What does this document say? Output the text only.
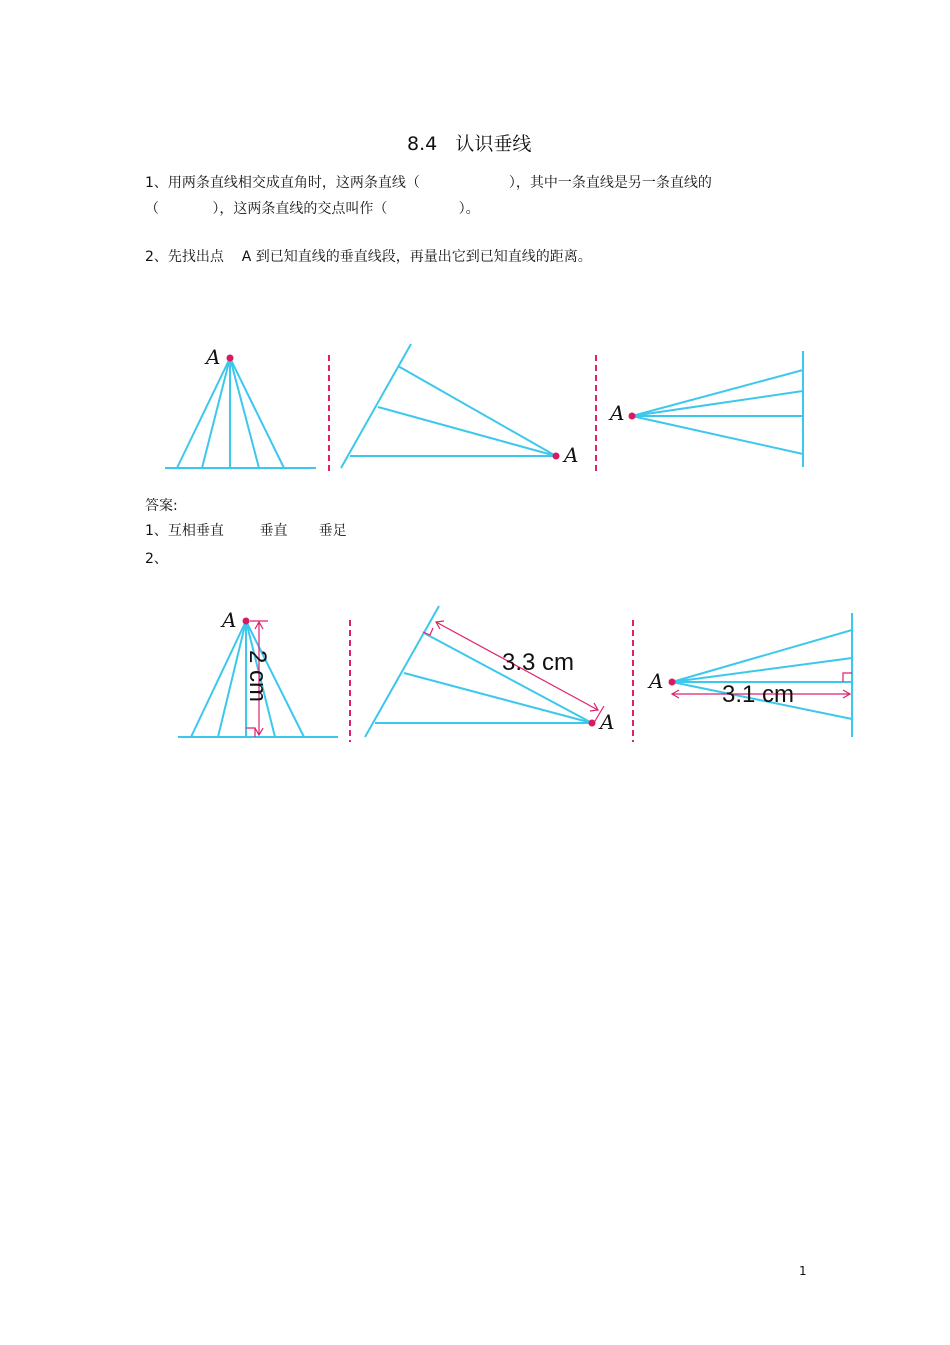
8.4   认识垂线
1、用两条直线相交成直角时，这两条直线（                    ），其中一条直线是另一条直线的
（            ），这两条直线的交点叫作（                ）。
2、先找出点    A 到已知直线的垂直线段，再量出它到已知直线的距离。
A
A
A
答案:
1、互相垂直        垂直       垂足
2、
A
2 cm
A
3.3 cm
A 3.1 cm
1
